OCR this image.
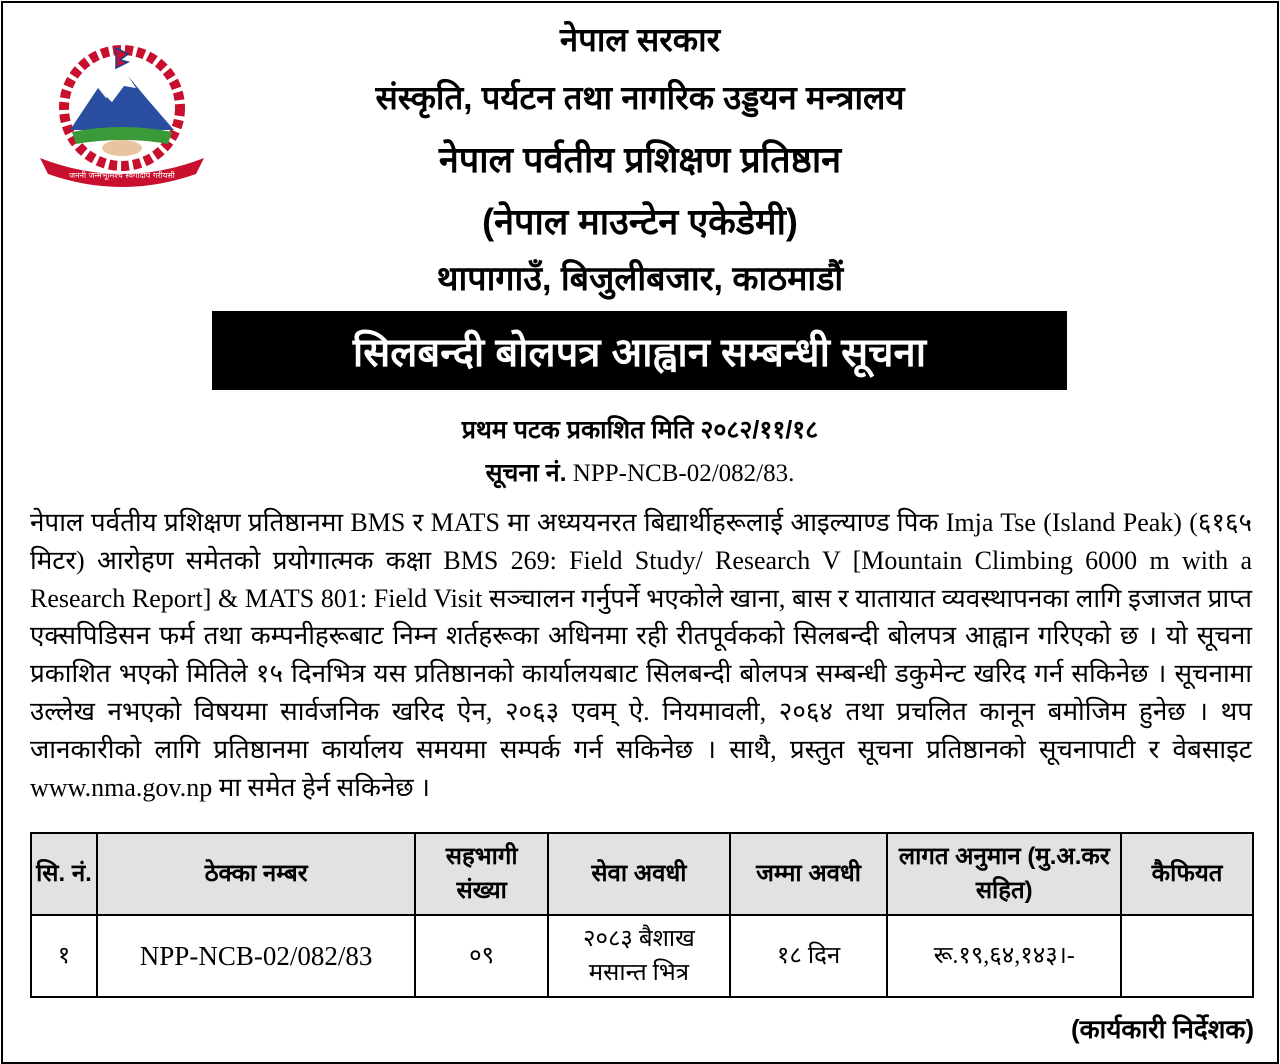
जननी जन्मभूमिश्च स्वर्गादपि गरीयसी
नेपाल सरकार
संस्कृति, पर्यटन तथा नागरिक उड्डयन मन्त्रालय
नेपाल पर्वतीय प्रशिक्षण प्रतिष्ठान
(नेपाल माउन्टेन एकेडेमी)
थापागाउँ, बिजुलीबजार, काठमाडौं
सिलबन्दी बोलपत्र आह्वान सम्बन्धी सूचना
प्रथम पटक प्रकाशित मिति २०८२/११/१८
सूचना नं. NPP-NCB-02/082/83.
नेपाल पर्वतीय प्रशिक्षण प्रतिष्ठानमा BMS र MATS मा अध्ययनरत बिद्यार्थीहरूलाई आइल्याण्ड पिक Imja Tse (Island Peak) (६१६५ मिटर) आरोहण समेतको प्रयोगात्मक कक्षा BMS 269: Field Study/ Research V [Mountain Climbing 6000 m with a Research Report] & MATS 801: Field Visit सञ्चालन गर्नुपर्ने भएकोले खाना, बास र यातायात व्यवस्थापनका लागि इजाजत प्राप्त एक्सपिडिसन फर्म तथा कम्पनीहरूबाट निम्न शर्तहरूका अधिनमा रही रीतपूर्वकको सिलबन्दी बोलपत्र आह्वान गरिएको छ । यो सूचना प्रकाशित भएको मितिले १५ दिनभित्र यस प्रतिष्ठानको कार्यालयबाट सिलबन्दी बोलपत्र सम्बन्धी डकुमेन्ट खरिद गर्न सकिनेछ । सूचनामा उल्लेख नभएको विषयमा सार्वजनिक खरिद ऐन, २०६३ एवम् ऐ. नियमावली, २०६४ तथा प्रचलित कानून बमोजिम हुनेछ । थप जानकारीको लागि प्रतिष्ठानमा कार्यालय समयमा सम्पर्क गर्न सकिनेछ । साथै, प्रस्तुत सूचना प्रतिष्ठानको सूचनापाटी र वेबसाइट www.nma.gov.np मा समेत हेर्न सकिनेछ ।
सि. नं.	ठेक्का नम्बर	सहभागी संख्या	सेवा अवधी	जम्मा अवधी	लागत अनुमान (मु.अ.कर सहित)	कैफियत
१	NPP-NCB-02/082/83	०९	२०८३ बैशाख मसान्त भित्र	१८ दिन	रू.१९,६४,१४३।-	
(कार्यकारी निर्देशक)
